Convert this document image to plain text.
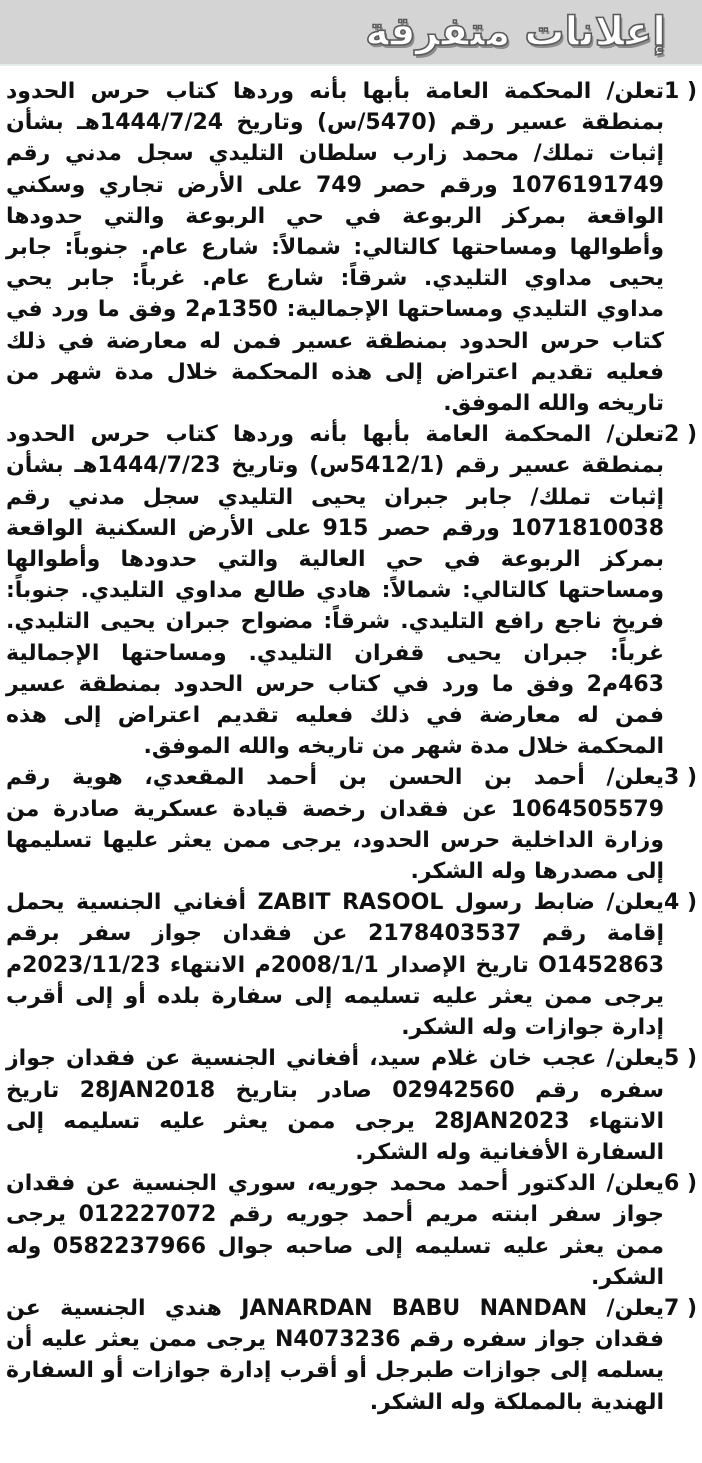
إعلانات متفرقة
1 )
تعلن/ المحكمة العامة بأبها بأنه وردها كتاب حرس الحدود بمنطقة عسير رقم (5470/س) وتاريخ 1444/7/24هـ بشأن إثبات تملك/ محمد زارب سلطان التليدي سجل مدني رقم 1076191749 ورقم حصر 749 على الأرض تجاري وسكني الواقعة بمركز الربوعة في حي الربوعة والتي حدودها وأطوالها ومساحتها كالتالي: شمالاً: شارع عام. جنوباً: جابر يحيى مداوي التليدي. شرقاً: شارع عام. غرباً: جابر يحي مداوي التليدي ومساحتها الإجمالية: 1350م2 وفق ما ورد في كتاب حرس الحدود بمنطقة عسير فمن له معارضة في ذلك فعليه تقديم اعتراض إلى هذه المحكمة خلال مدة شهر من تاريخه والله الموفق.
2 )
تعلن/ المحكمة العامة بأبها بأنه وردها كتاب حرس الحدود بمنطقة عسير رقم (5412/1س) وتاريخ 1444/7/23هـ بشأن إثبات تملك/ جابر جبران يحيى التليدي سجل مدني رقم 1071810038 ورقم حصر 915 على الأرض السكنية الواقعة بمركز الربوعة في حي العالية والتي حدودها وأطوالها ومساحتها كالتالي: شمالاً: هادي طالع مداوي التليدي. جنوباً: فريخ ناجع رافع التليدي. شرقاً: مضواح جبران يحيى التليدي. غرباً: جبران يحيى قفران التليدي. ومساحتها الإجمالية 463م2 وفق ما ورد في كتاب حرس الحدود بمنطقة عسير فمن له معارضة في ذلك فعليه تقديم اعتراض إلى هذه المحكمة خلال مدة شهر من تاريخه والله الموفق.
3 )
يعلن/ أحمد بن الحسن بن أحمد المقعدي، هوية رقم 1064505579 عن فقدان رخصة قيادة عسكرية صادرة من وزارة الداخلية حرس الحدود، يرجى ممن يعثر عليها تسليمها إلى مصدرها وله الشكر.
4 )
يعلن/ ضابط رسول ZABIT RASOOL أفغاني الجنسية يحمل إقامة رقم 2178403537 عن فقدان جواز سفر برقم O1452863 تاريخ الإصدار 2008/1/1م الانتهاء 2023/11/23م يرجى ممن يعثر عليه تسليمه إلى سفارة بلده أو إلى أقرب إدارة جوازات وله الشكر.
5 )
يعلن/ عجب خان غلام سيد، أفغاني الجنسية عن فقدان جواز سفره رقم 02942560 صادر بتاريخ 28JAN2018 تاريخ الانتهاء 28JAN2023 يرجى ممن يعثر عليه تسليمه إلى السفارة الأفغانية وله الشكر.
6 )
يعلن/ الدكتور أحمد محمد جوريه، سوري الجنسية عن فقدان جواز سفر ابنته مريم أحمد جوريه رقم 012227072 يرجى ممن يعثر عليه تسليمه إلى صاحبه جوال 0582237966 وله الشكر.
7 )
يعلن/ JANARDAN BABU NANDAN هندي الجنسية عن فقدان جواز سفره رقم N4073236 يرجى ممن يعثر عليه أن يسلمه إلى جوازات طبرجل أو أقرب إدارة جوازات أو السفارة الهندية بالمملكة وله الشكر.
